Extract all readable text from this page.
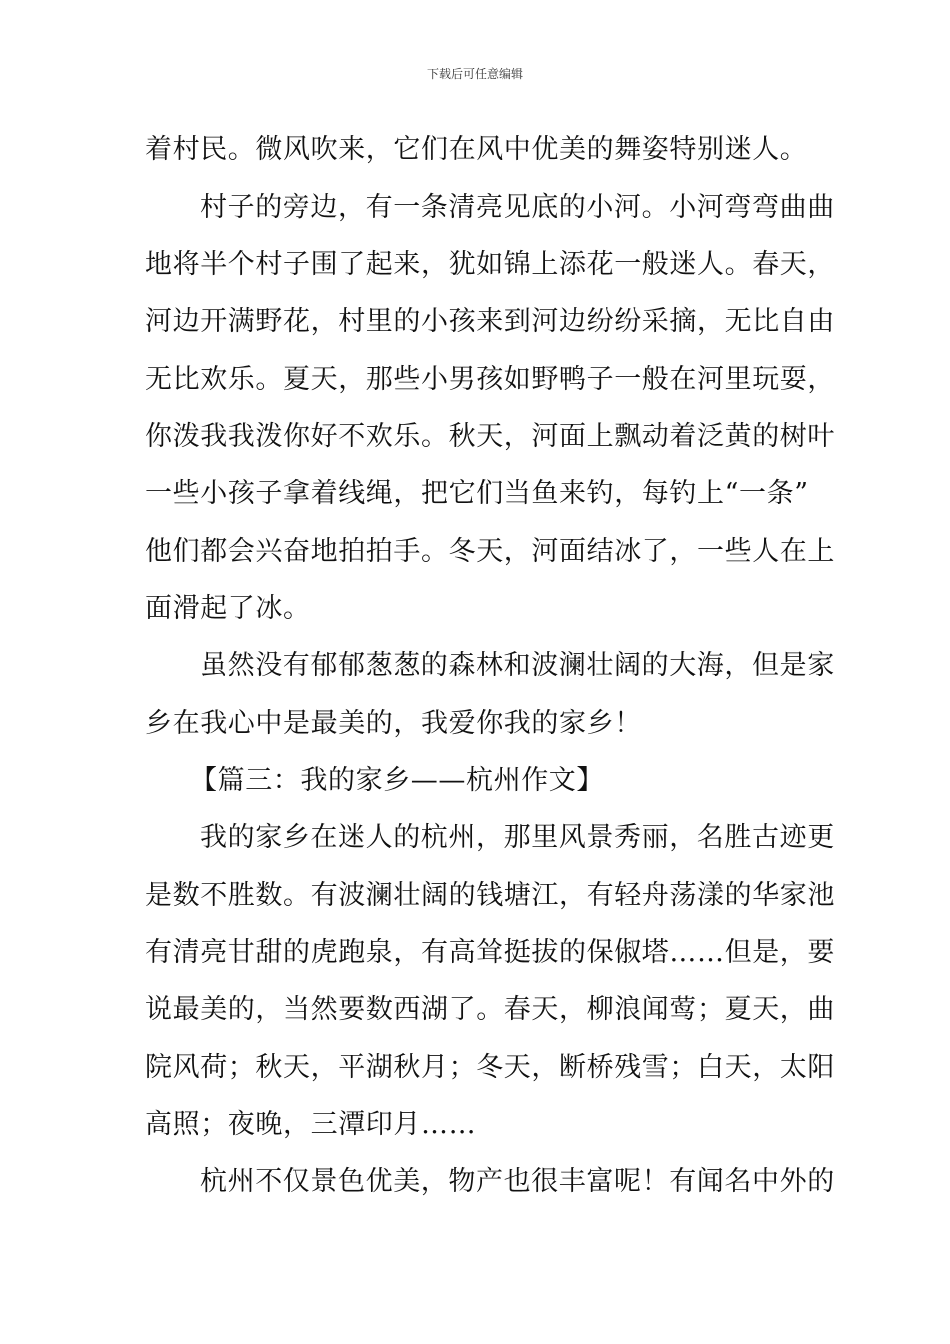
下载后可任意编辑
着村民。微风吹来，它们在风中优美的舞姿特别迷人。
村子的旁边，有一条清亮见底的小河。小河弯弯曲曲
地将半个村子围了起来，犹如锦上添花一般迷人。春天，
河边开满野花，村里的小孩来到河边纷纷采摘，无比自由
无比欢乐。夏天，那些小男孩如野鸭子一般在河里玩耍，
你泼我我泼你好不欢乐。秋天，河面上飘动着泛黄的树叶
一些小孩子拿着线绳，把它们当鱼来钓，每钓上“一条”
他们都会兴奋地拍拍手。冬天，河面结冰了，一些人在上
面滑起了冰。
虽然没有郁郁葱葱的森林和波澜壮阔的大海，但是家
乡在我心中是最美的，我爱你我的家乡！
【篇三：我的家乡——杭州作文】
我的家乡在迷人的杭州，那里风景秀丽，名胜古迹更
是数不胜数。有波澜壮阔的钱塘江，有轻舟荡漾的华家池
有清亮甘甜的虎跑泉，有高耸挺拔的保俶塔……但是，要
说最美的，当然要数西湖了。春天，柳浪闻莺；夏天，曲
院风荷；秋天，平湖秋月；冬天，断桥残雪；白天，太阳
高照；夜晚，三潭印月……
杭州不仅景色优美，物产也很丰富呢！有闻名中外的
